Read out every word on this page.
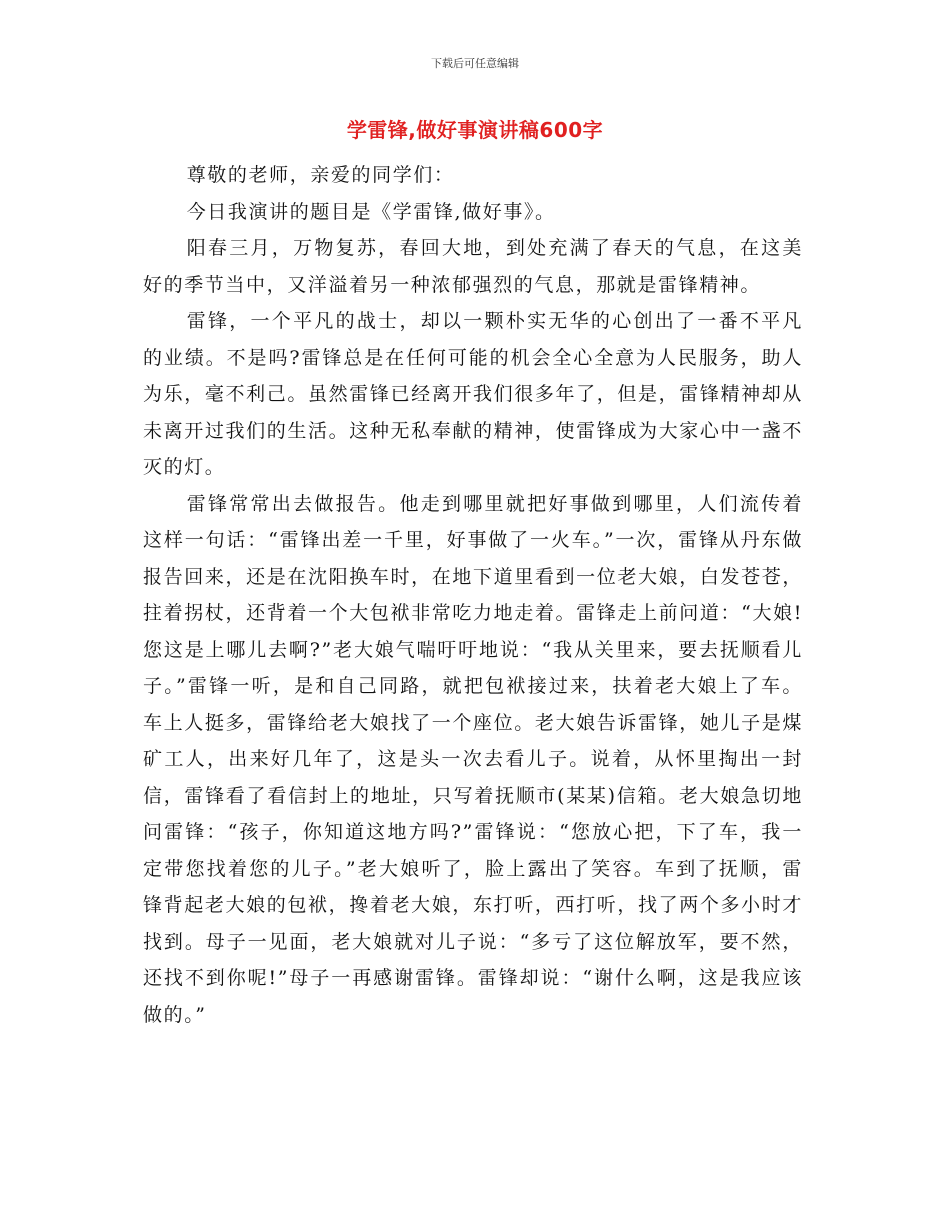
下载后可任意编辑
学雷锋,做好事演讲稿600字

尊敬的老师，亲爱的同学们：

今日我演讲的题目是《学雷锋,做好事》。

阳春三月，万物复苏，春回大地，到处充满了春天的气息，在这美好的季节当中，又洋溢着另一种浓郁强烈的气息，那就是雷锋精神。

雷锋，一个平凡的战士，却以一颗朴实无华的心创出了一番不平凡的业绩。不是吗?雷锋总是在任何可能的机会全心全意为人民服务，助人为乐，毫不利己。虽然雷锋已经离开我们很多年了，但是，雷锋精神却从未离开过我们的生活。这种无私奉献的精神，使雷锋成为大家心中一盏不灭的灯。

雷锋常常出去做报告。他走到哪里就把好事做到哪里，人们流传着这样一句话：“雷锋出差一千里，好事做了一火车。”一次，雷锋从丹东做报告回来，还是在沈阳换车时，在地下道里看到一位老大娘，白发苍苍，拄着拐杖，还背着一个大包袱非常吃力地走着。雷锋走上前问道：“大娘!您这是上哪儿去啊?”老大娘气喘吁吁地说：“我从关里来，要去抚顺看儿子。”雷锋一听，是和自己同路，就把包袱接过来，扶着老大娘上了车。车上人挺多，雷锋给老大娘找了一个座位。老大娘告诉雷锋，她儿子是煤矿工人，出来好几年了，这是头一次去看儿子。说着，从怀里掏出一封信，雷锋看了看信封上的地址，只写着抚顺市(某某)信箱。老大娘急切地问雷锋：“孩子，你知道这地方吗?”雷锋说：“您放心把，下了车，我一定带您找着您的儿子。”老大娘听了，脸上露出了笑容。车到了抚顺，雷锋背起老大娘的包袱，搀着老大娘，东打听，西打听，找了两个多小时才找到。母子一见面，老大娘就对儿子说：“多亏了这位解放军，要不然，还找不到你呢!”母子一再感谢雷锋。雷锋却说：“谢什么啊，这是我应该做的。”
